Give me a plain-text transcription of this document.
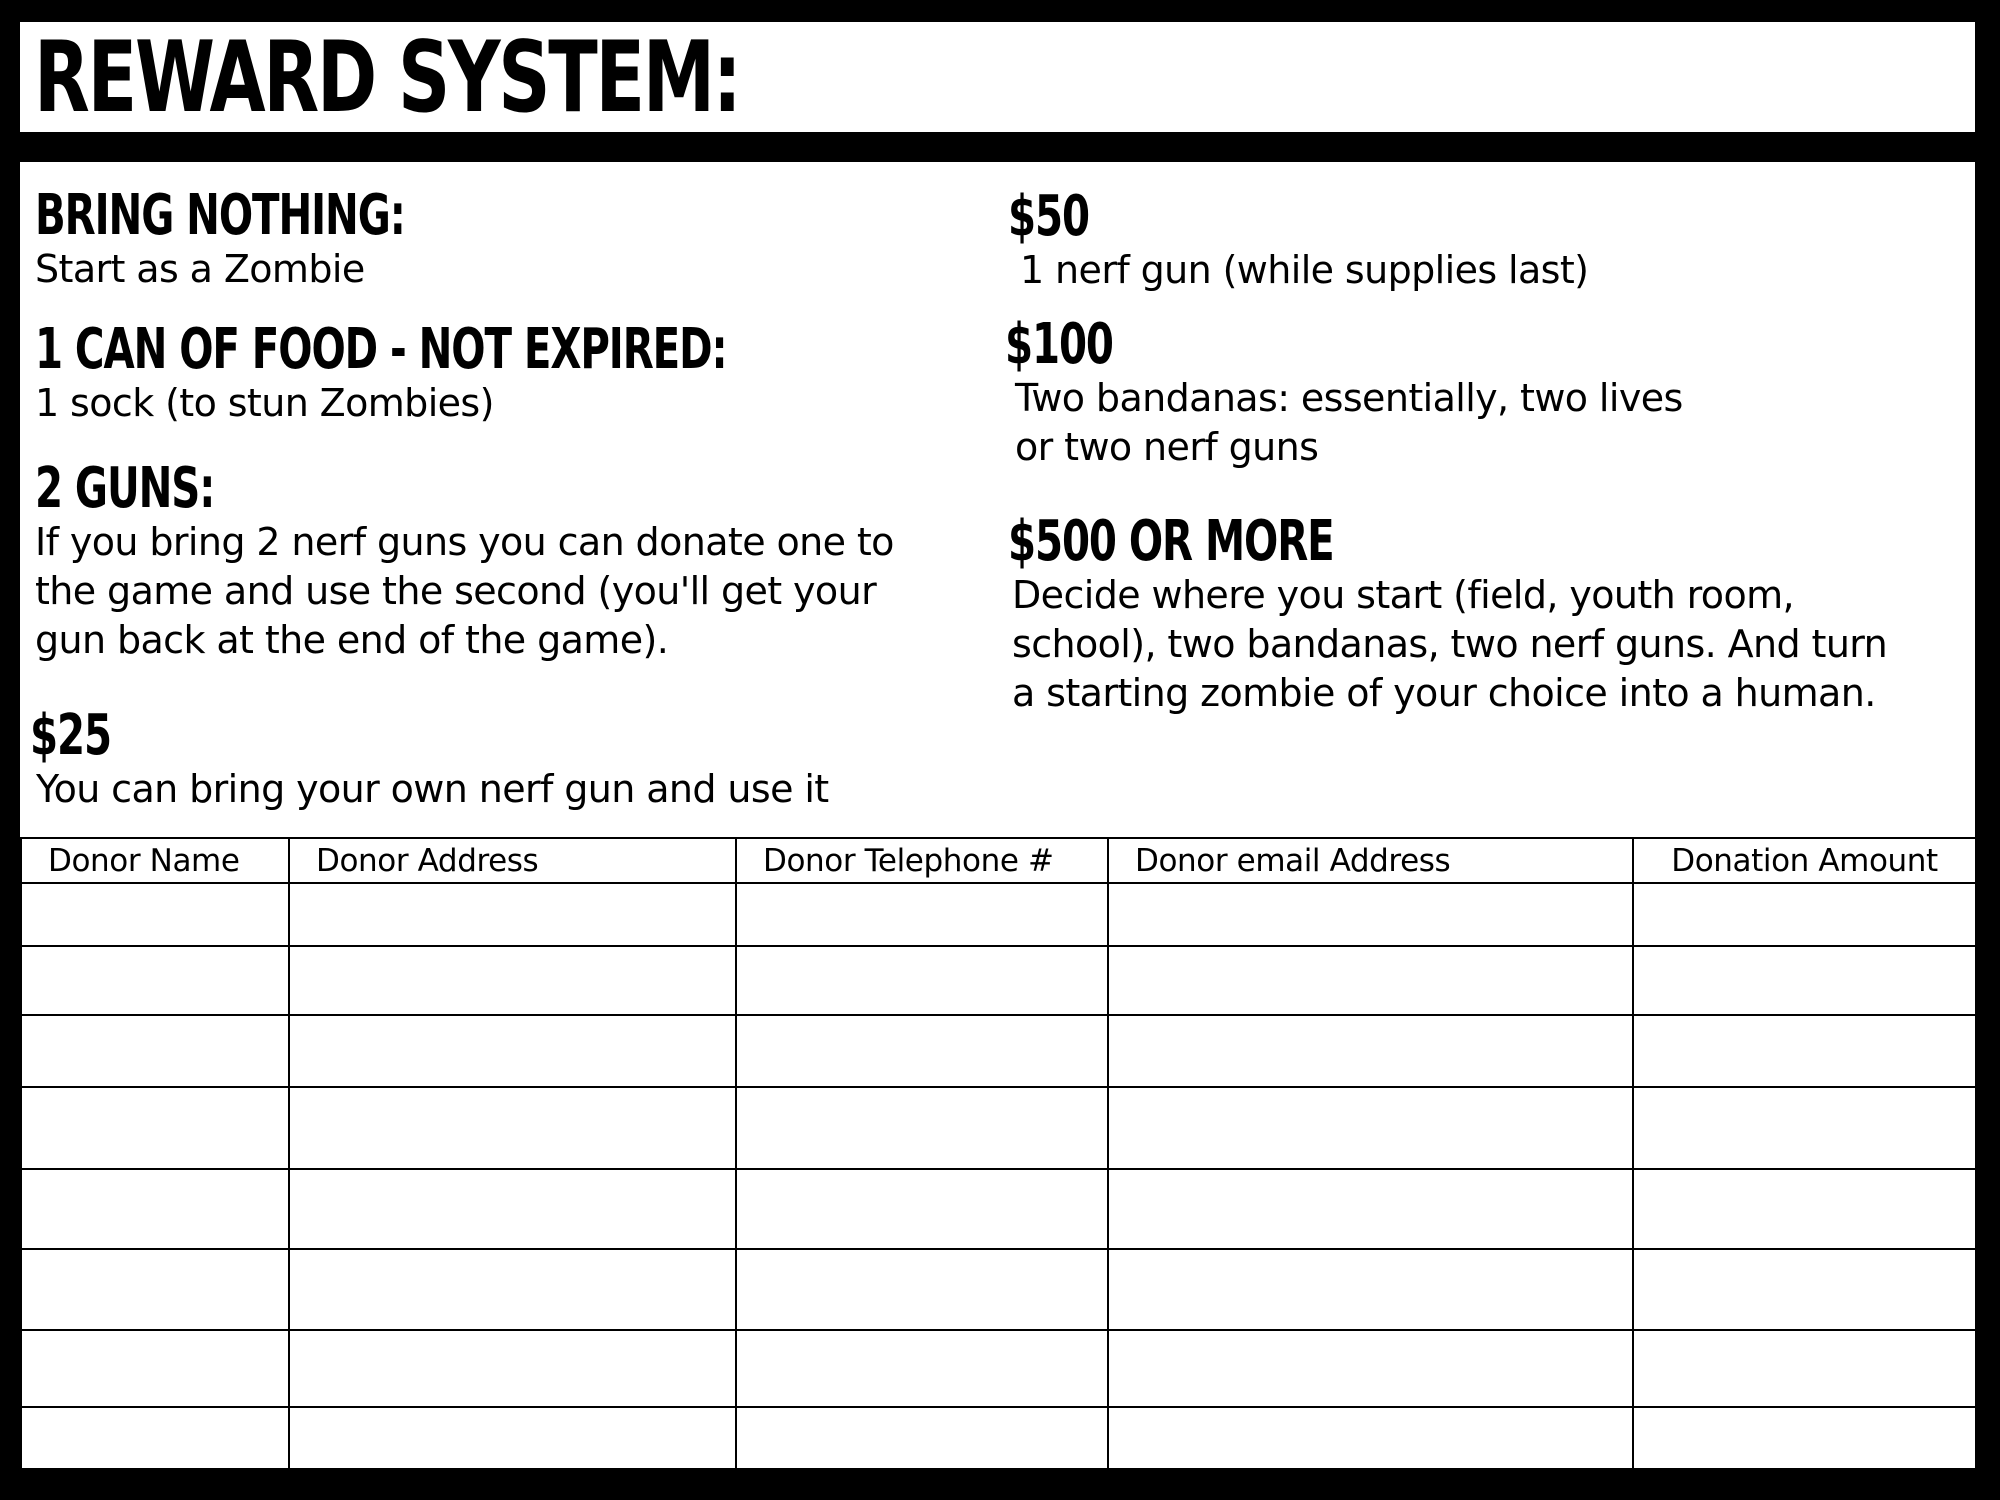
REWARD SYSTEM:

BRING NOTHING:

Start as a Zombie

1 CAN OF FOOD - NOT EXPIRED:

1 sock (to stun Zombies)

2 GUNS:

If you bring 2 nerf guns you can donate one to
the game and use the second (you'll get your
gun back at the end of the game).

$25

You can bring your own nerf gun and use it

$50

1 nerf gun (while supplies last)

$100

Two bandanas: essentially, two lives
or two nerf guns

$500 OR MORE

Decide where you start (field, youth room,
school), two bandanas, two nerf guns. And turn
a starting zombie of your choice into a human.

Donor Name	Donor Address	Donor Telephone #	Donor email Address	Donation Amount
